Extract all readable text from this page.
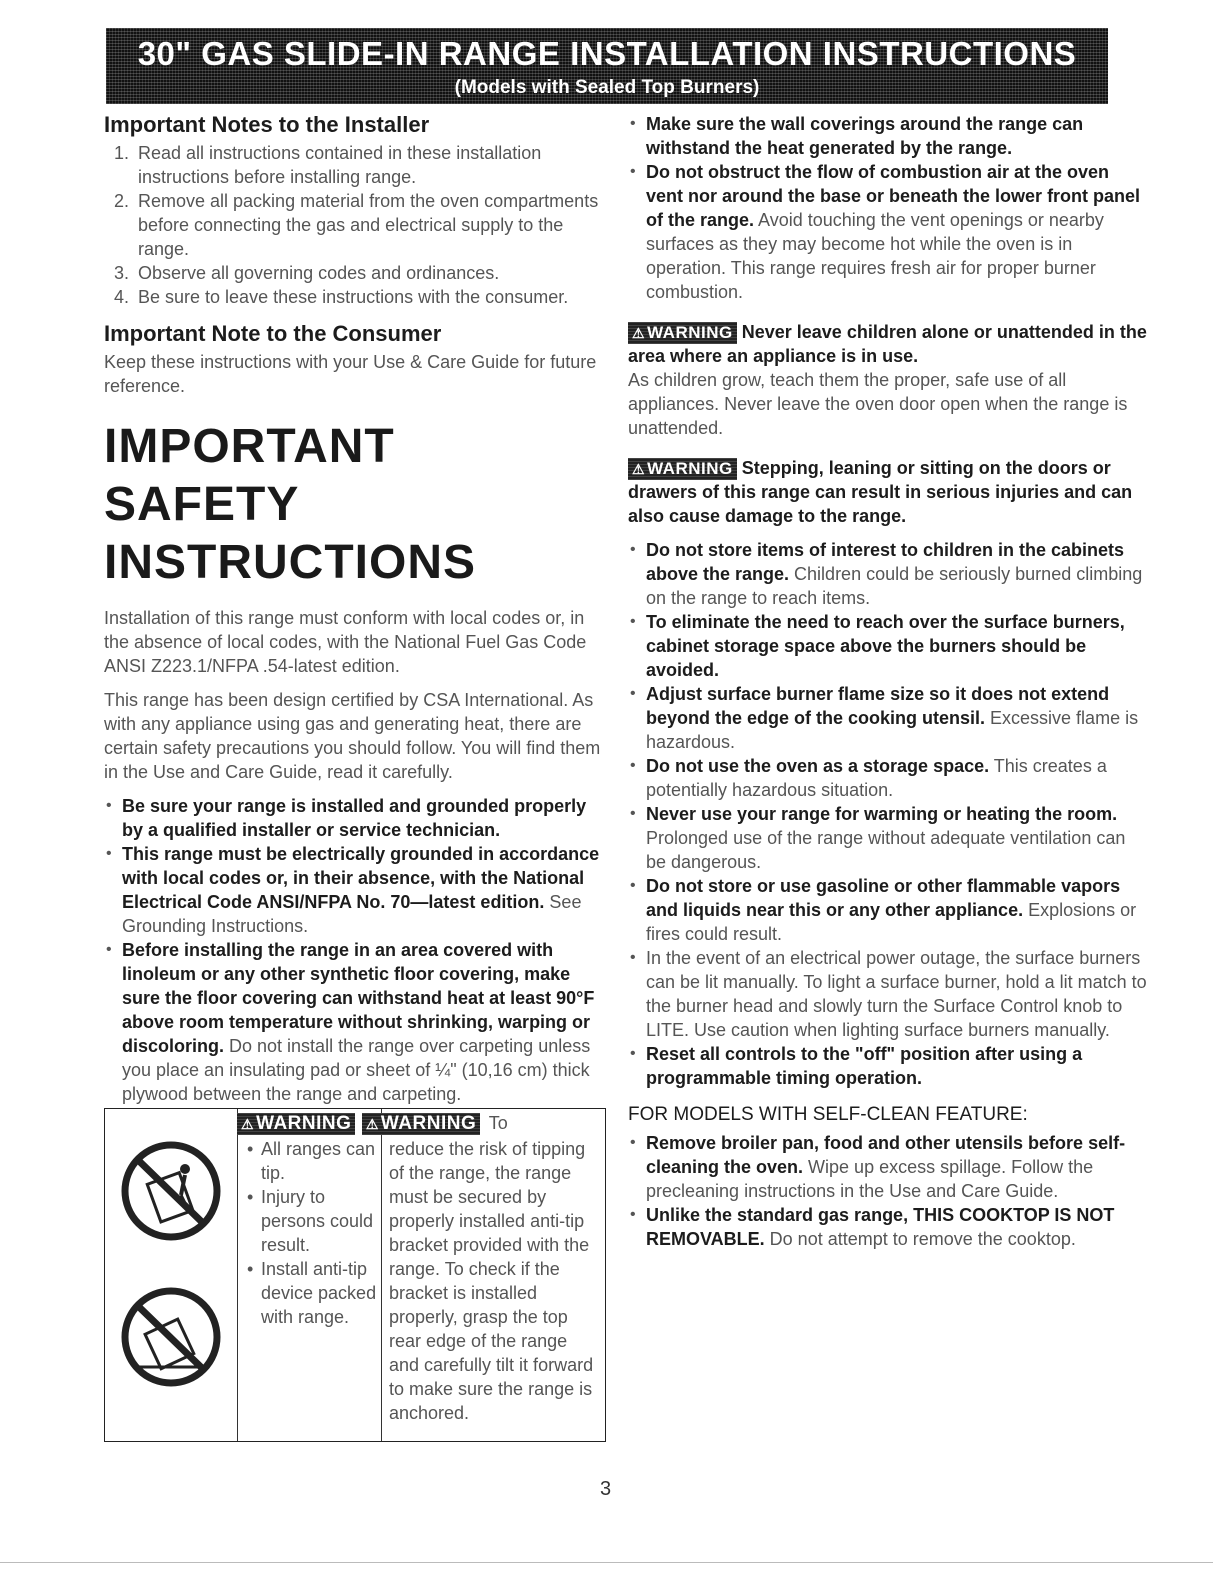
30" GAS SLIDE-IN RANGE INSTALLATION INSTRUCTIONS
(Models with Sealed Top Burners)
Important Notes to the Installer
1. Read all instructions contained in these installation instructions before installing range.
2. Remove all packing material from the oven compartments before connecting the gas and electrical supply to the range.
3. Observe all governing codes and ordinances.
4. Be sure to leave these instructions with the consumer.
Important Note to the Consumer

Keep these instructions with your Use & Care Guide for future reference.

IMPORTANT SAFETY
INSTRUCTIONS

Installation of this range must conform with local codes or, in the absence of local codes, with the National Fuel Gas Code ANSI Z223.1/NFPA .54-latest edition.

This range has been design certified by CSA International. As with any appliance using gas and generating heat, there are certain safety precautions you should follow. You will find them in the Use and Care Guide, read it carefully.

• Be sure your range is installed and grounded properly by a qualified installer or service technician.
• This range must be electrically grounded in accordance with local codes or, in their absence, with the National Electrical Code ANSI/NFPA No. 70—latest edition. See Grounding Instructions.
• Before installing the range in an area covered with linoleum or any other synthetic floor covering, make sure the floor covering can withstand heat at least 90°F above room temperature without shrinking, warping or discoloring. Do not install the range over carpeting unless you place an insulating pad or sheet of ¼" (10,16 cm) thick plywood between the range and carpeting.
• All ranges can tip.
• Injury to persons could result.
• Install anti-tip device packed with range.
reduce the risk of tipping of the range, the range must be secured by properly installed anti-tip bracket provided with the range. To check if the bracket is installed properly, grasp the top rear edge of the range and carefully tilt it forward to make sure the range is anchored.
⚠ WARNING ⚠ WARNING To
• Make sure the wall coverings around the range can withstand the heat generated by the range.
• Do not obstruct the flow of combustion air at the oven vent nor around the base or beneath the lower front panel of the range. Avoid touching the vent openings or nearby surfaces as they may become hot while the oven is in operation. This range requires fresh air for proper burner combustion.
⚠ WARNING Never leave children alone or unattended in the area where an appliance is in use.
As children grow, teach them the proper, safe use of all appliances. Never leave the oven door open when the range is unattended.
⚠ WARNING Stepping, leaning or sitting on the doors or drawers of this range can result in serious injuries and can also cause damage to the range.
• Do not store items of interest to children in the cabinets above the range. Children could be seriously burned climbing on the range to reach items.
• To eliminate the need to reach over the surface burners, cabinet storage space above the burners should be avoided.
• Adjust surface burner flame size so it does not extend beyond the edge of the cooking utensil. Excessive flame is hazardous.
• Do not use the oven as a storage space. This creates a potentially hazardous situation.
• Never use your range for warming or heating the room. Prolonged use of the range without adequate ventilation can be dangerous.
• Do not store or use gasoline or other flammable vapors and liquids near this or any other appliance. Explosions or fires could result.
• In the event of an electrical power outage, the surface burners can be lit manually. To light a surface burner, hold a lit match to the burner head and slowly turn the Surface Control knob to LITE. Use caution when lighting surface burners manually.
• Reset all controls to the "off" position after using a programmable timing operation.
FOR MODELS WITH SELF-CLEAN FEATURE:
• Remove broiler pan, food and other utensils before self-cleaning the oven. Wipe up excess spillage. Follow the precleaning instructions in the Use and Care Guide.
• Unlike the standard gas range, THIS COOKTOP IS NOT REMOVABLE. Do not attempt to remove the cooktop.
3
